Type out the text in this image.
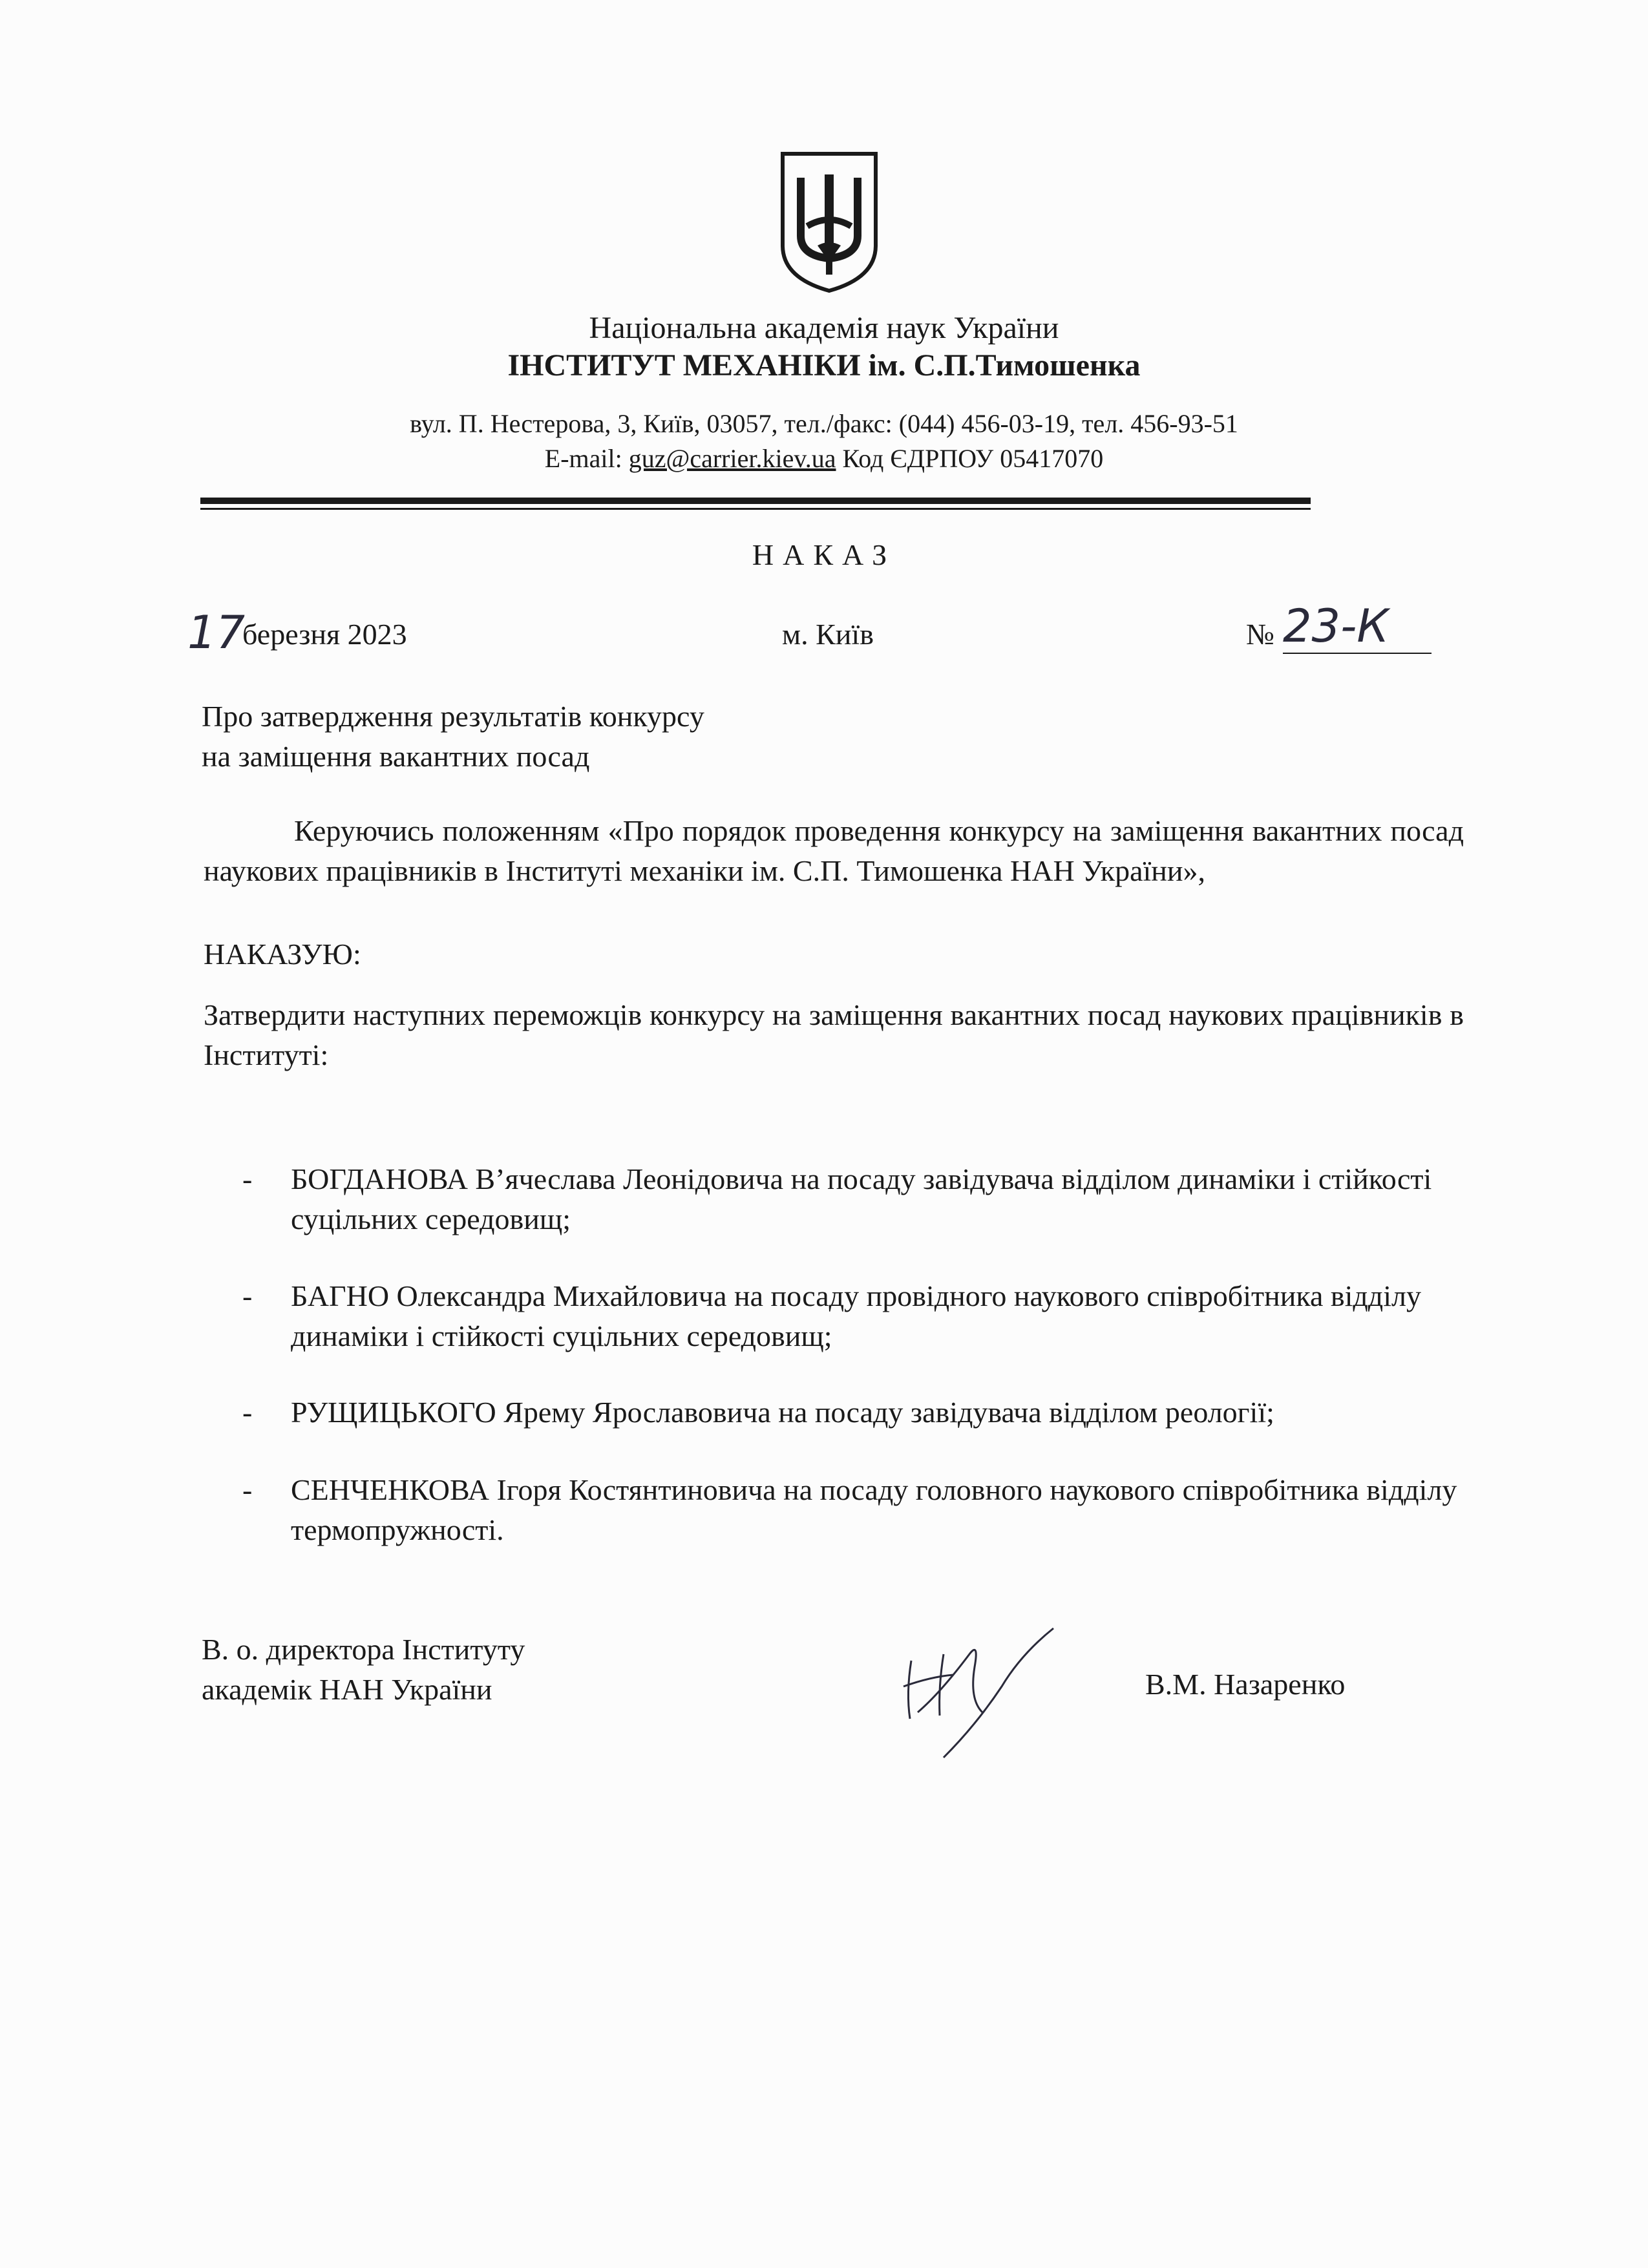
Національна академія наук України
ІНСТИТУТ МЕХАНІКИ ім. С.П.Тимошенка
вул. П. Нестерова, 3, Київ, 03057, тел./факс: (044) 456-03-19, тел. 456-93-51
E-mail: guz@carrier.kiev.ua Код ЄДРПОУ 05417070
НАКАЗ
17
березня 2023	м. Київ	№ 23-К
Про затвердження результатів конкурсу
на заміщення вакантних посад
Керуючись положенням «Про порядок проведення конкурсу на заміщення вакантних посад наукових працівників в Інституті механіки ім. С.П. Тимошенка НАН України»,
НАКАЗУЮ:
Затвердити наступних переможців конкурсу на заміщення вакантних посад наукових працівників в Інституті:
- БОГДАНОВА В’ячеслава Леонідовича на посаду завідувача відділом динаміки і стійкості суцільних середовищ;
- БАГНО Олександра Михайловича на посаду провідного наукового співробітника відділу динаміки і стійкості суцільних середовищ;
- РУЩИЦЬКОГО Ярему Ярославовича на посаду завідувача відділом реології;
- СЕНЧЕНКОВА Ігоря Костянтиновича на посаду головного наукового співробітника відділу термопружності.
В. о. директора Інституту
академік НАН України	В.М. Назаренко
